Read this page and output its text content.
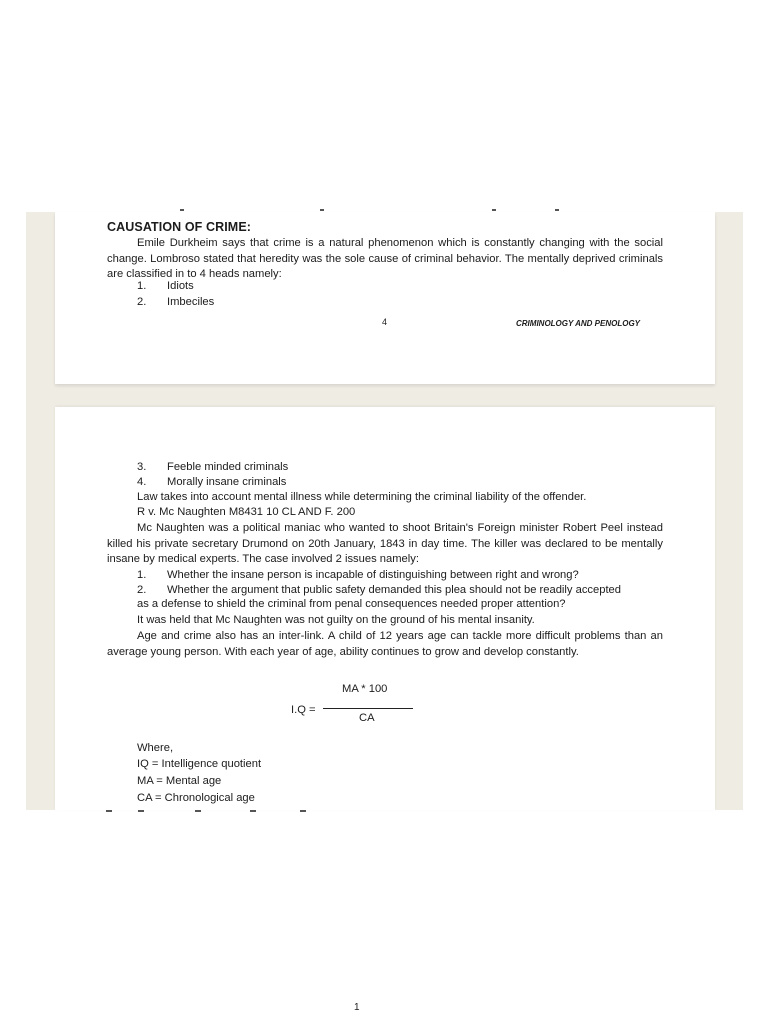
CAUSATION OF CRIME:
Emile Durkheim says that crime is a natural phenomenon which is constantly changing with the social change. Lombroso stated that heredity was the sole cause of criminal behavior. The mentally deprived criminals are classified in to 4 heads namely:
1. Idiots
2. Imbeciles
4	CRIMINOLOGY AND PENOLOGY
3. Feeble minded criminals
4. Morally insane criminals
Law takes into account mental illness while determining the criminal liability of the offender.
R v. Mc Naughten M8431 10 CL AND F. 200
Mc Naughten was a political maniac who wanted to shoot Britain's Foreign minister Robert Peel instead killed his private secretary Drumond on 20th January, 1843 in day time. The killer was declared to be mentally insane by medical experts. The case involved 2 issues namely:
1. Whether the insane person is incapable of distinguishing between right and wrong?
2. Whether the argument that public safety demanded this plea should not be readily accepted
as a defense to shield the criminal from penal consequences needed proper attention?
It was held that Mc Naughten was not guilty on the ground of his mental insanity.
Age and crime also has an inter-link. A child of 12 years age can tackle more difficult problems than an average young person. With each year of age, ability continues to grow and develop constantly.
MA * 100
I.Q =
CA
Where,
IQ = Intelligence quotient
MA = Mental age
CA = Chronological age
1
